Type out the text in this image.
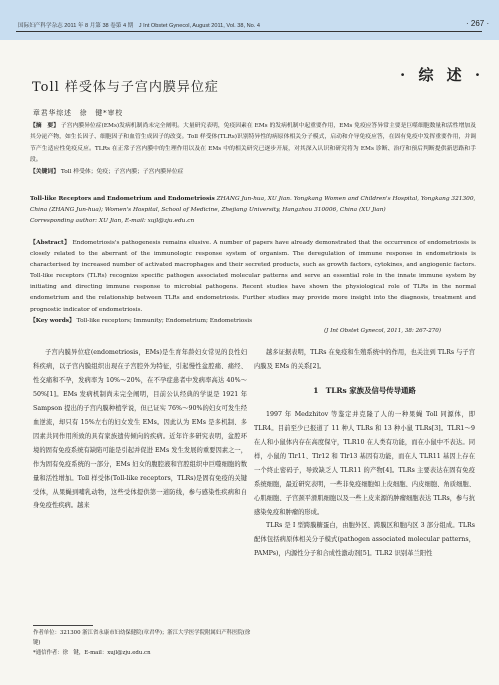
国际妇产科学杂志 2011 年 8 月第 38 卷第 4 期　J Int Obstet Gynecol, August 2011, Vol. 38, No. 4	· 267 ·
· 综 述 ·
Toll 样受体与子宫内膜异位症
章君华综述　徐　键*审校

【摘　要】 子宫内膜异位症(EMs)发病机制尚未完全阐明。大量研究表明，免疫因素在 EMs 的发病机制中起重要作用，EMs 免疫应答异常主要是巨噬细胞数量和活性增加及其分泌产物，如生长因子、细胞因子和血管生成因子的改变。Toll 样受体(TLRs)识别特异性的病原体相关分子模式，启动和介导免疫应答，在固有免疫中发挥重要作用，并调节产生适应性免疫反应。TLRs 在正常子宫内膜中的生理作用以及在 EMs 中的相关研究已逐步开展，对其深入认识和研究将为 EMs 诊断、治疗和预后判断提供新思路和手段。

【关键词】 Toll 样受体；免疫；子宫内膜；子宫内膜异位症

Toll-like Receptors and Endometrium and Endometriosis ZHANG Jun-hua, XU Jian. Yongkang Women and Children's Hospital, Yongkang 321300, China (ZHANG Jun-hua); Women's Hospital, School of Medicine, Zhejiang University, Hangzhou 310006, China (XU Jian)
Corresponding author: XU Jian, E-mail: xujl@zju.edu.cn

【Abstract】 Endometriosis's pathogenesis remains elusive. A number of papers have already demonstrated that the occurrence of endometriosis is closely related to the aberrant of the immunologic response system of organism. The deregulation of immune response in endometriosis is characterised by increased number of activated macrophages and their secreted products, such as growth factors, cytokines, and angiogenic factors. Toll-like receptors (TLRs) recognize specific pathogen associated molecular patterns and serve an essential role in the innate immune system by initiating and directing immune response to microbial pathogens. Recent studies have shown the physiological role of TLRs in the normal endometrium and the relationship between TLRs and endometriosis. Further studies may provide more insight into the diagnosis, treatment and prognostic indicator of endometriosis.

【Key words】 Toll-like receptors; Immunity; Endometrium; Endometriosis

(J Int Obstet Gynecol, 2011, 38: 267-270)

子宫内膜异位症(endometriosis，EMs)是生育年龄妇女常见的良性妇科疾病，以子宫内膜组织出现在子宫腔外为特征，引起慢性盆腔痛、痛经、性交痛和不孕，发病率为 10%～20%，在不孕症患者中发病率高达 40%～50%[1]。EMs 发病机制尚未完全阐明，目前公认经典的学说是 1921 年 Sampson 提出的子宫内膜种植学说，但已证实 76%～90%的妇女可发生经血逆流，却只有 15%左右的妇女发生 EMs。因此认为 EMs 是多机制、多因素共同作用所致的具有家族遗传倾向的疾病。近年许多研究表明，盆腔环境的固有免疫系统有缺陷可能是引起并促进 EMs 发生发展的重要因素之一，作为固有免疫系统的一部分，EMs 妇女的腹腔液和宫腔组织中巨噬细胞的数量和活性增加。Toll 样受体(Toll-like receptors，TLRs)是固有免疫的关键受体，从果蝇到哺乳动物，这些受体提供第一道防线，参与感染性疾病和自身免疫性疾病。越来

越多证据表明，TLRs 在免疫和生殖系统中的作用，也关注到 TLRs 与子宫内膜及 EMs 的关系[2]。

1　TLRs 家族及信号传导通路

1997 年 Medzhitov 等鉴定并克隆了人的一种果蝇 Toll 同源体，即 TLR4。目前至少已报道了 11 种人 TLRs 和 13 种小鼠 TLRs[3]。TLR1～9 在人和小鼠体内存在高度保守，TLR10 在人类有功能，而在小鼠中不表达。同样，小鼠的 Tlr11、Tlr12 和 Tlr13 基因有功能，而在人 TLR11 基因上存在一个终止密码子，导致缺乏人 TLR11 的产物[4]。TLRs 主要表达在固有免疫系统细胞，最近研究表明，一些非免疫细胞如上皮细胞、内皮细胞、角质细胞、心肌细胞、子宫颈平滑肌细胞以及一些上皮来源的肿瘤细胞表达 TLRs，参与抗感染免疫和肿瘤的形成。

TLRs 是 I 型跨膜糖蛋白，由胞外区、跨膜区和胞内区 3 部分组成。TLRs 配体包括病原体相关分子模式(pathogen associated molecular patterns，PAMPs)，内源性分子和合成性激动剂[5]。TLR2 识别革兰阳性

作者单位：321300 浙江省永康市妇幼保健院(章君华)；浙江大学医学院附属妇产科医院(徐　键)

*通信作者：徐　键，E-mail：xujl@zju.edu.cn
